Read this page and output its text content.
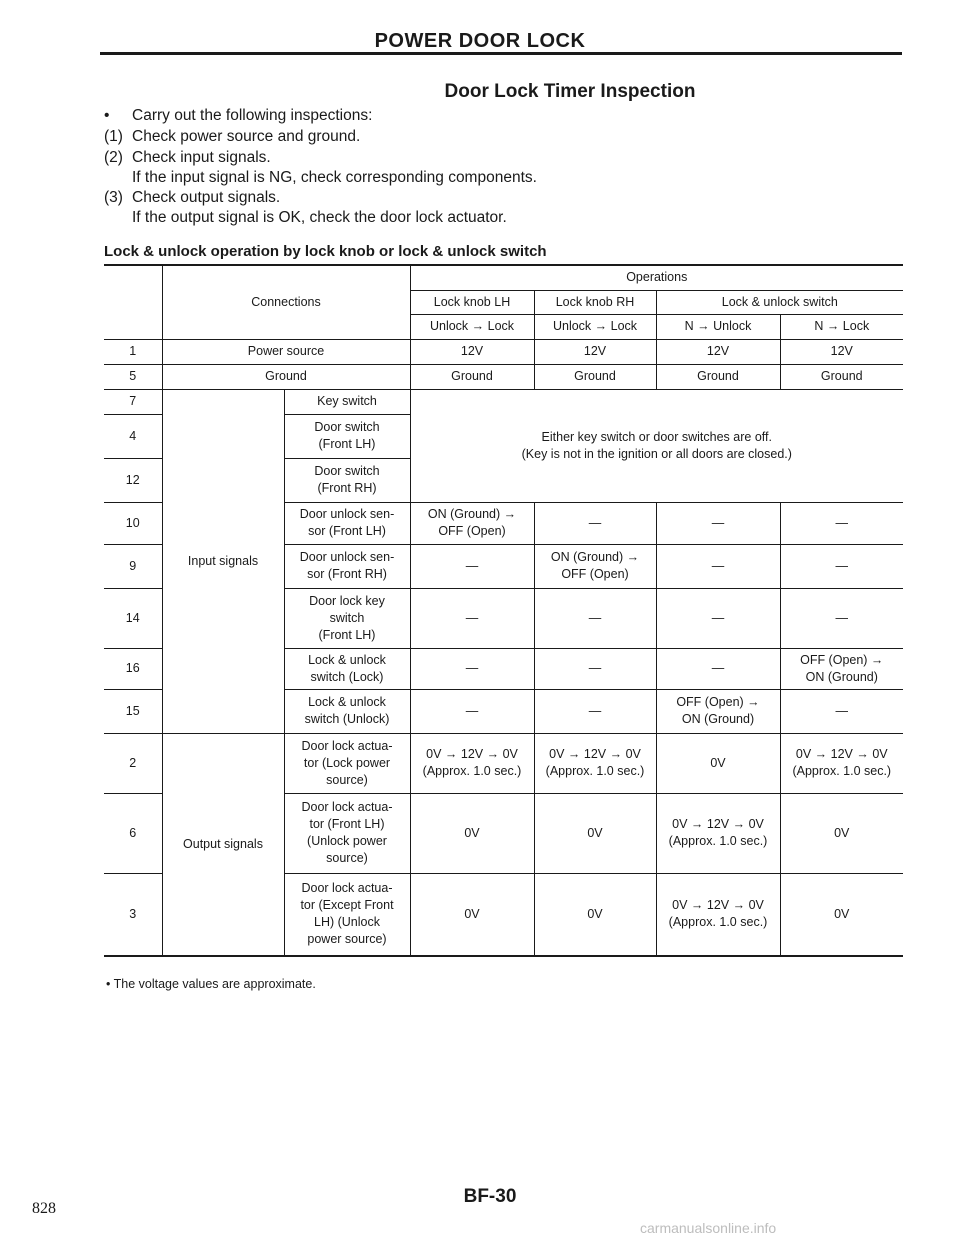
POWER DOOR LOCK
Door Lock Timer Inspection
• Carry out the following inspections:
(1) Check power source and ground.
(2) Check input signals.
If the input signal is NG, check corresponding components.
(3) Check output signals.
If the output signal is OK, check the door lock actuator.
Lock & unlock operation by lock knob or lock & unlock switch
	Connections		Operations			
			Lock knob LH	Lock knob RH	Lock & unlock switch	
			Unlock → Lock	Unlock → Lock	N → Unlock	N → Lock
1	Power source		12V	12V	12V	12V
5	Ground		Ground	Ground	Ground	Ground
7	Input signals	Key switch	Either key switch or door switches are off.
(Key is not in the ignition or all doors are closed.)			
4		Door switch
(Front LH)				
12		Door switch
(Front RH)				
10		Door unlock sen-
sor (Front LH)	ON (Ground) →
OFF (Open)	—	—	—
9		Door unlock sen-
sor (Front RH)	—	ON (Ground) →
OFF (Open)	—	—
14		Door lock key
switch
(Front LH)	—	—	—	—
16		Lock & unlock
switch (Lock)	—	—	—	OFF (Open) →
ON (Ground)
15		Lock & unlock
switch (Unlock)	—	—	OFF (Open) →
ON (Ground)	—
2	Output signals	Door lock actua-
tor (Lock power
source)	0V → 12V → 0V
(Approx. 1.0 sec.)	0V → 12V → 0V
(Approx. 1.0 sec.)	0V	0V → 12V → 0V
(Approx. 1.0 sec.)
6		Door lock actua-
tor (Front LH)
(Unlock power
source)	0V	0V	0V → 12V → 0V
(Approx. 1.0 sec.)	0V
3		Door lock actua-
tor (Except Front
LH) (Unlock
power source)	0V	0V	0V → 12V → 0V
(Approx. 1.0 sec.)	0V
• The voltage values are approximate.
BF-30
828
carmanualsonline.info
